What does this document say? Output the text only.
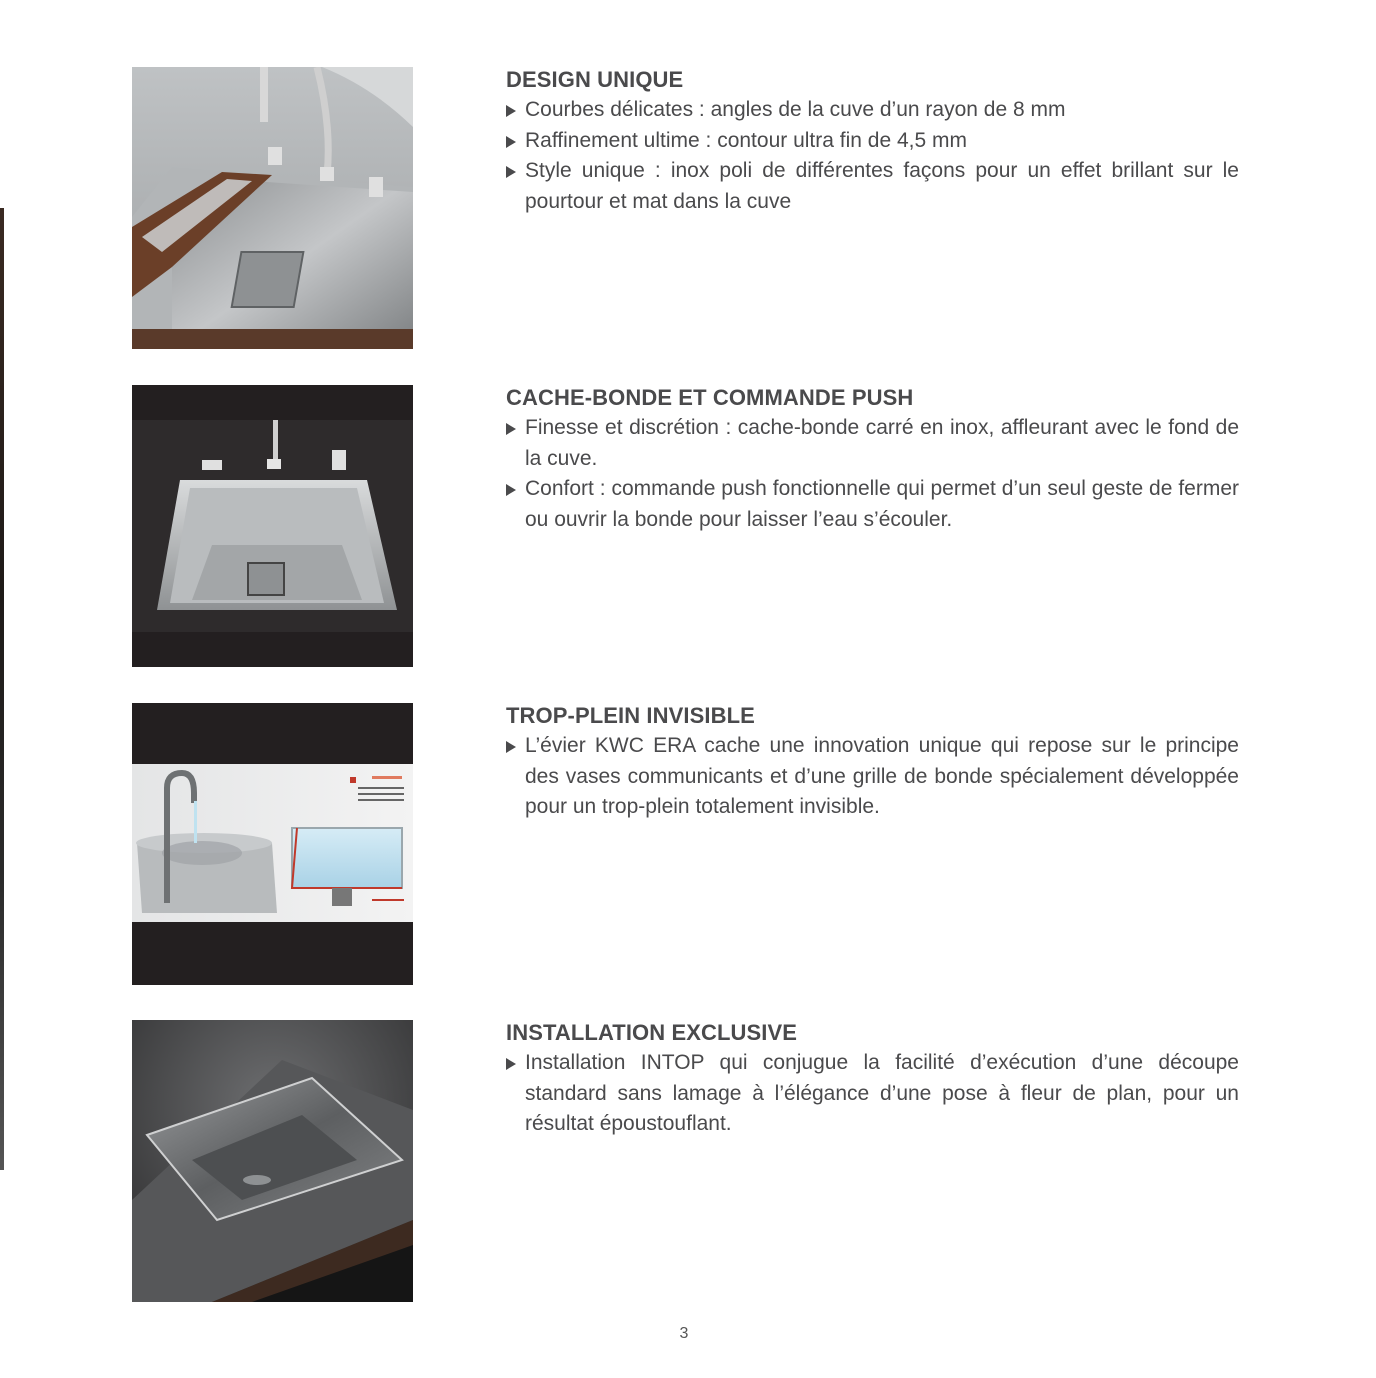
DESIGN UNIQUE
Courbes délicates : angles de la cuve d’un rayon de 8 mm
Raffinement ultime : contour ultra fin de 4,5 mm
Style unique : inox poli de différentes façons pour un effet brillant sur le pourtour et mat dans la cuve
CACHE-BONDE ET COMMANDE PUSH
Finesse et discrétion : cache-bonde carré en inox, affleurant avec le fond de la cuve.
Confort : commande push fonctionnelle qui permet d’un seul geste de fermer ou ouvrir la bonde pour laisser l’eau s’écouler.
TROP-PLEIN INVISIBLE
L’évier KWC ERA cache une innovation unique qui repose sur le principe des vases communicants et d’une grille de bonde spécialement développée pour un trop-plein totalement invisible.
INSTALLATION EXCLUSIVE
Installation INTOP qui conjugue la facilité d’exécution d’une découpe standard sans lamage à l’élégance d’une pose à fleur de plan, pour un résultat époustouflant.
3
